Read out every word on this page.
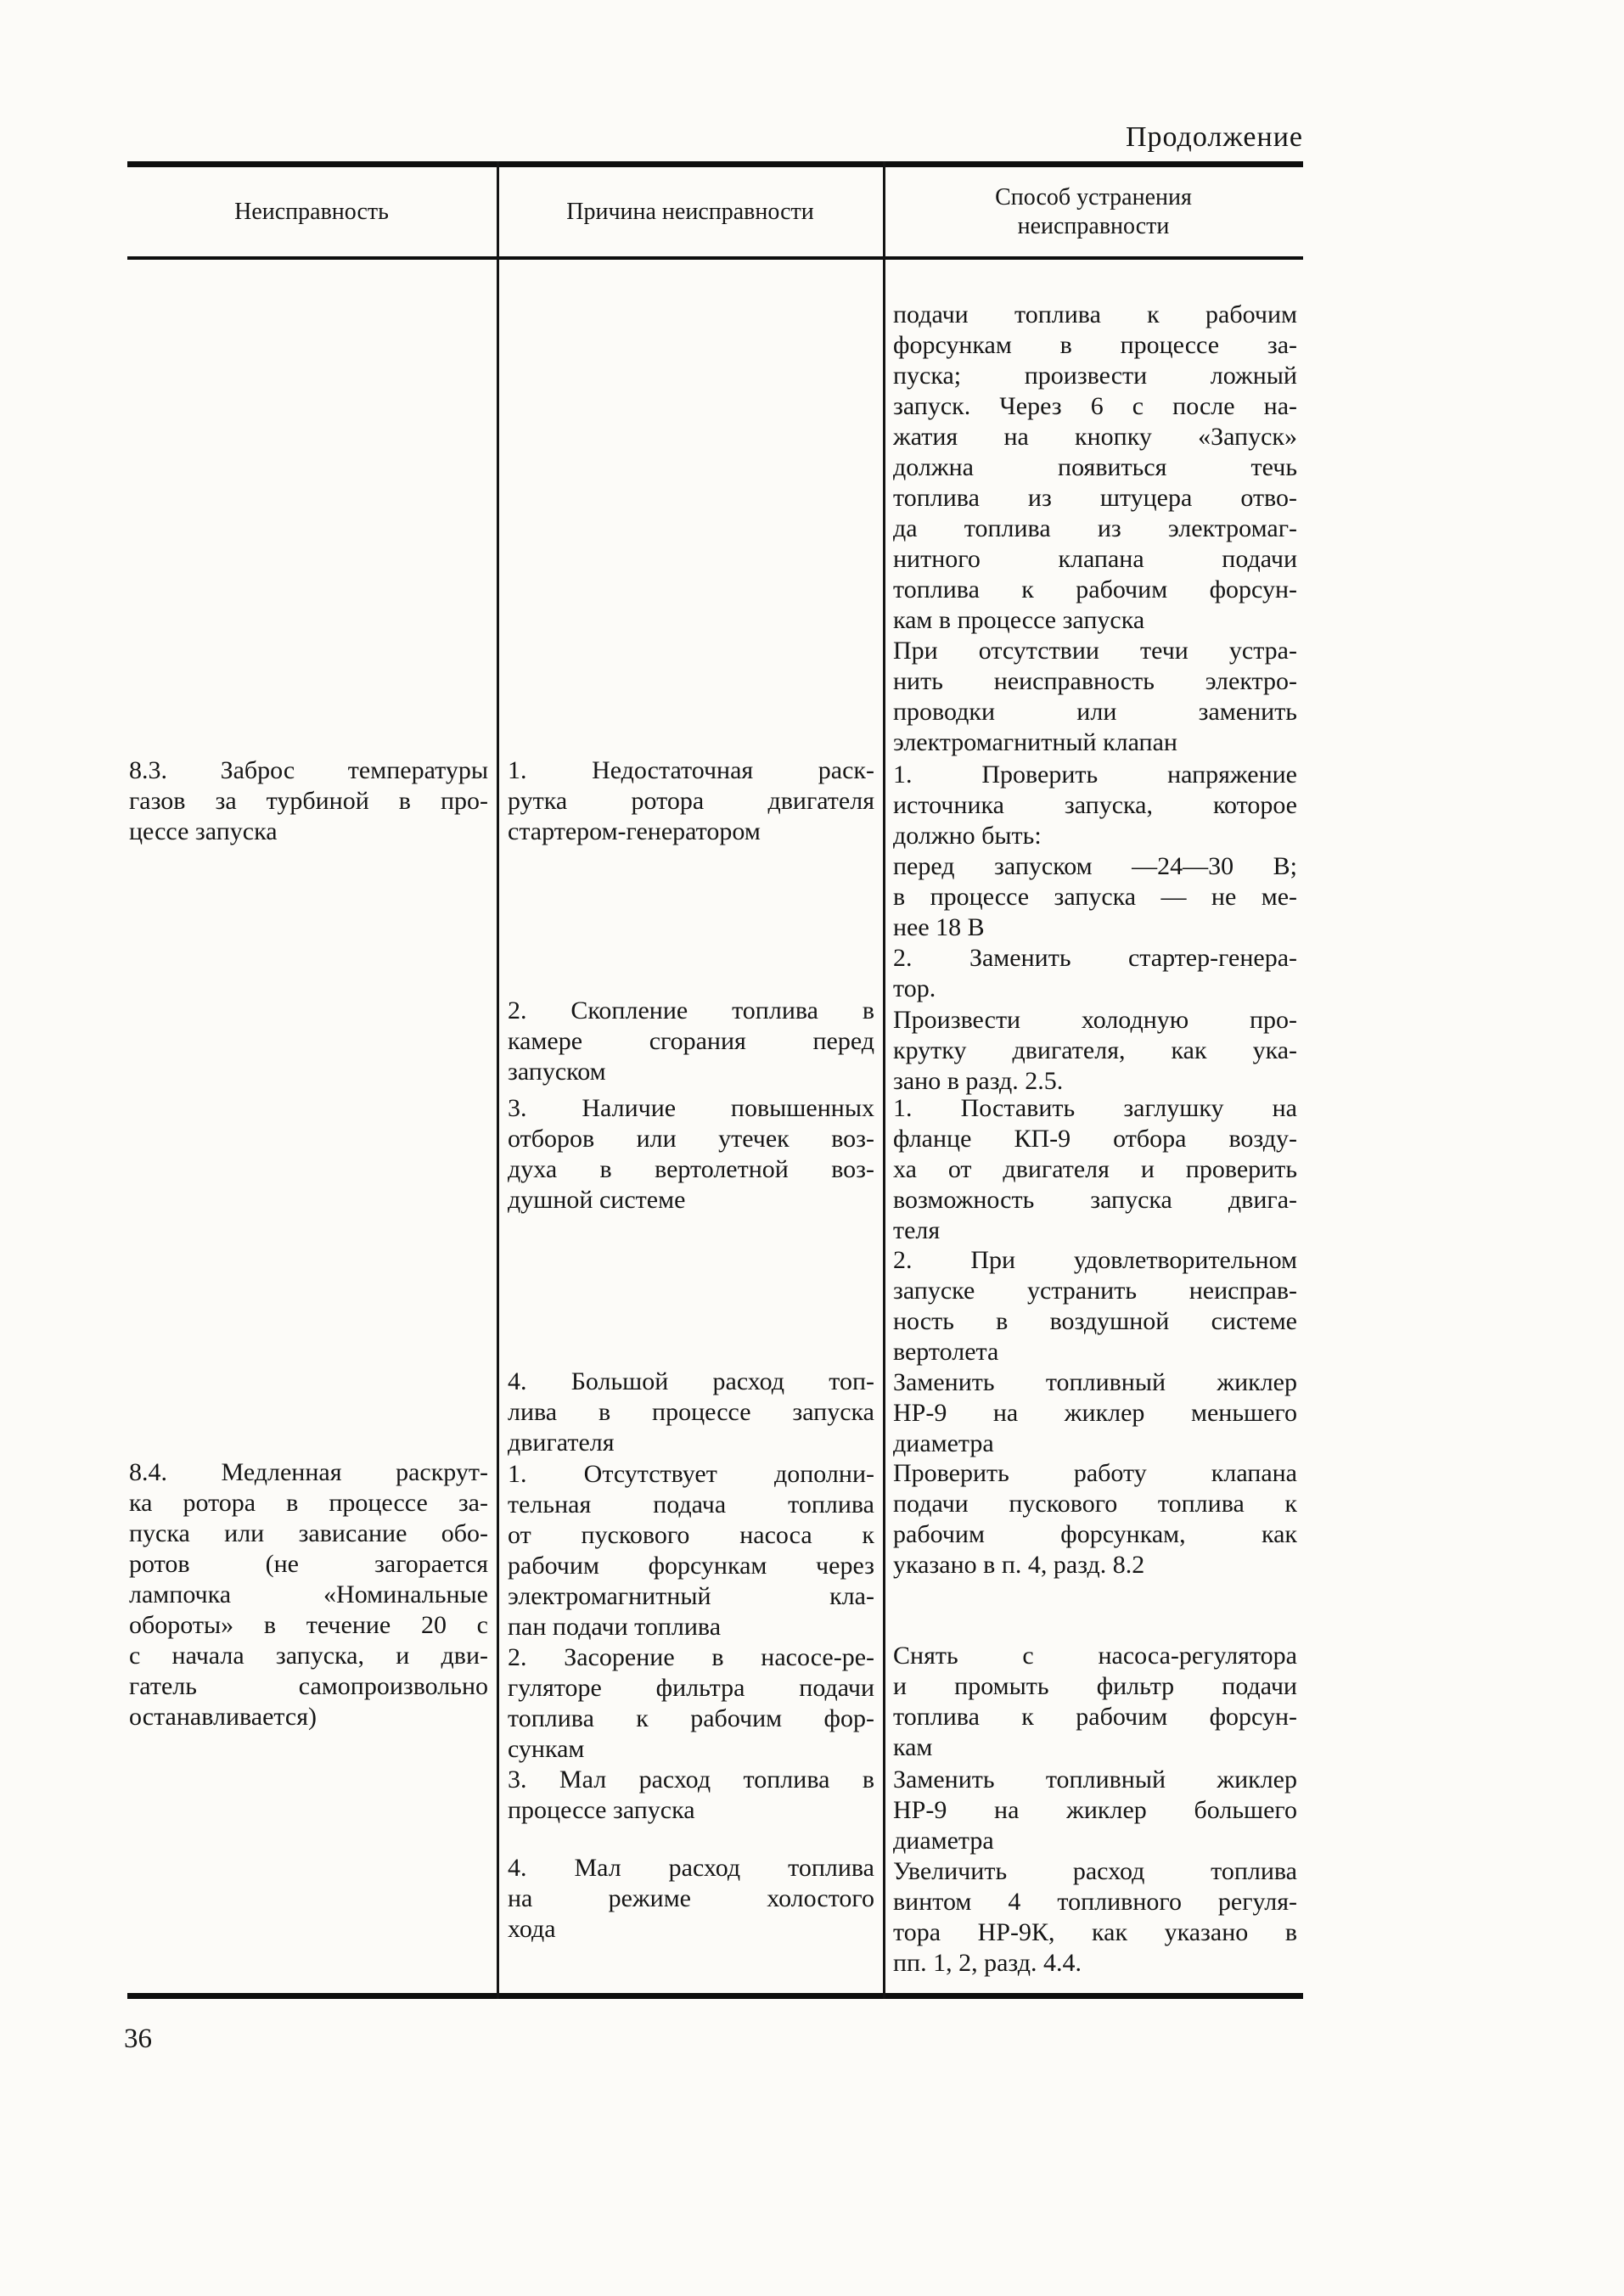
Продолжение
Неисправность	Причина неисправности
Способ устранения неисправности
8.3. Заброс температуры
газов за турбиной в про-
цессе запуска
8.4. Медленная раскрут-
ка ротора в процессе за-
пуска или зависание обо-
ротов (не загорается
лампочка «Номинальные
обороты» в течение 20 с
с начала запуска, и дви-
гатель самопроизвольно
останавливается)
1. Недостаточная раск-
рутка ротора двигателя
стартером-генератором
2. Скопление топлива в
камере сгорания перед
запуском
3. Наличие повышенных
отборов или утечек воз-
духа в вертолетной воз-
душной системе
4. Большой расход топ-
лива в процессе запуска
двигателя
1. Отсутствует дополни-
тельная подача топлива
от пускового насоса к
рабочим форсункам через
электромагнитный кла-
пан подачи топлива
2. Засорение в насосе-ре-
гуляторе фильтра подачи
топлива к рабочим фор-
сункам
3. Мал расход топлива в
процессе запуска
4. Мал расход топлива
на режиме холостого
хода
подачи топлива к рабочим
форсункам в процессе за-
пуска; произвести ложный
запуск. Через 6 с после на-
жатия на кнопку «Запуск»
должна появиться течь
топлива из штуцера отво-
да топлива из электромаг-
нитного клапана подачи
топлива к рабочим форсун-
кам в процессе запуска
При отсутствии течи устра-
нить неисправность электро-
проводки или заменить
электромагнитный клапан
1. Проверить напряжение
источника запуска, которое
должно быть:
перед запуском —24—30 В;
в процессе запуска — не ме-
нее 18 В
2. Заменить стартер-генера-
тор.
Произвести холодную про-
крутку двигателя, как ука-
зано в разд. 2.5.
1. Поставить заглушку на
фланце КП-9 отбора возду-
ха от двигателя и проверить
возможность запуска двига-
теля
2. При удовлетворительном
запуске устранить неисправ-
ность в воздушной системе
вертолета
Заменить топливный жиклер
НР-9 на жиклер меньшего
диаметра
Проверить работу клапана
подачи пускового топлива к
рабочим форсункам, как
указано в п. 4, разд. 8.2
Снять с насоса-регулятора
и промыть фильтр подачи
топлива к рабочим форсун-
кам
Заменить топливный жиклер
НР-9 на жиклер большего
диаметра
Увеличить расход топлива
винтом 4 топливного регуля-
тора НР-9К, как указано в
пп. 1, 2, разд. 4.4.
36
